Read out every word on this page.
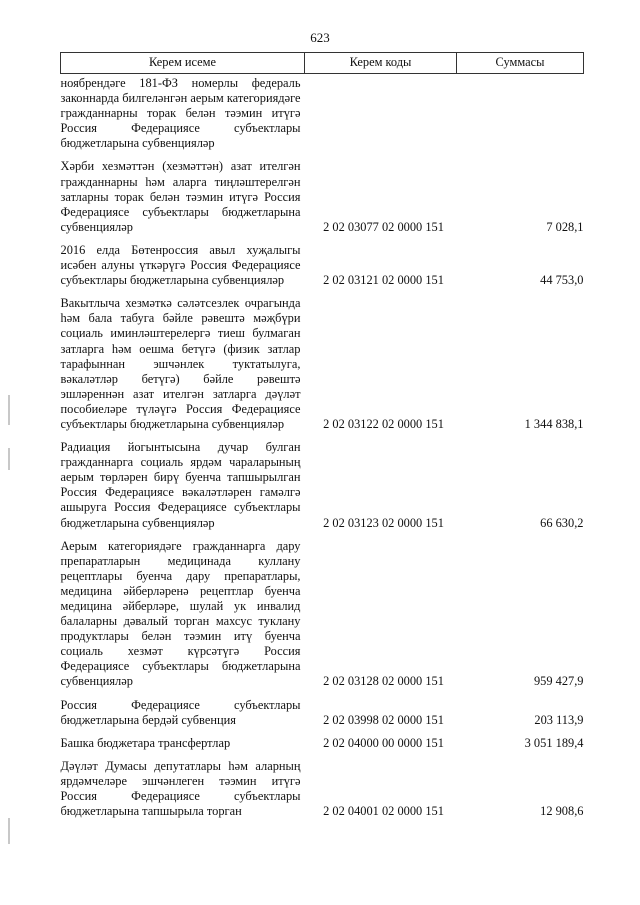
623
Керем исеме	Керем коды	Суммасы
ноябрендәге 181-ФЗ номерлы федераль законнарда билгеләнгән аерым категориядәге гражданнарны торак белән тәэмин итүгә Россия Федерациясе субъектлары бюджетларына субвенцияләр		
Хәрби хезмәттән (хезмәттән) азат ителгән гражданнарны һәм аларга тиңләштерелгән затларны торак белән тәэмин итүгә Россия Федерациясе субъектлары бюджетларына субвенцияләр	2 02 03077 02 0000 151	7 028,1
2016 елда Бөтенроссия авыл хуҗалыгы исәбен алуны үткәрүгә Россия Федерациясе субъектлары бюджетларына субвенцияләр	2 02 03121 02 0000 151	44 753,0
Вакытлыча хезмәткә сәләтсезлек очрагында һәм бала табуга бәйле рәвештә мәҗбүри социаль иминләштерелергә тиеш булмаган затларга һәм оешма бетүгә (физик затлар тарафыннан эшчәнлек туктатылуга, вәкаләтләр бетүгә) бәйле рәвештә эшләреннән азат ителгән затларга дәүләт пособиеләре түләүгә Россия Федерациясе субъектлары бюджетларына субвенцияләр	2 02 03122 02 0000 151	1 344 838,1
Радиация йогынтысына дучар булган гражданнарга социаль ярдәм чараларының аерым төрләрен бирү буенча тапшырылган Россия Федерациясе вәкаләтләрен гамәлгә ашыруга Россия Федерациясе субъектлары бюджетларына субвенцияләр	2 02 03123 02 0000 151	66 630,2
Аерым категориядәге гражданнарга дару препаратларын медицинада куллану рецептлары буенча дару препаратлары, медицина әйберләренә рецептлар буенча медицина әйберләре, шулай ук инвалид балаларны дәвалый торган махсус туклану продуктлары белән тәэмин итү буенча социаль хезмәт күрсәтүгә Россия Федерациясе субъектлары бюджетларына субвенцияләр	2 02 03128 02 0000 151	959 427,9
Россия Федерациясе субъектлары бюджетларына бердәй субвенция	2 02 03998 02 0000 151	203 113,9
Башка бюджетара трансфертлар	2 02 04000 00 0000 151	3 051 189,4
Дәүләт Думасы депутатлары һәм аларның ярдәмчеләре эшчәнлеген тәэмин итүгә Россия Федерациясе субъектлары бюджетларына тапшырыла торган	2 02 04001 02 0000 151	12 908,6
